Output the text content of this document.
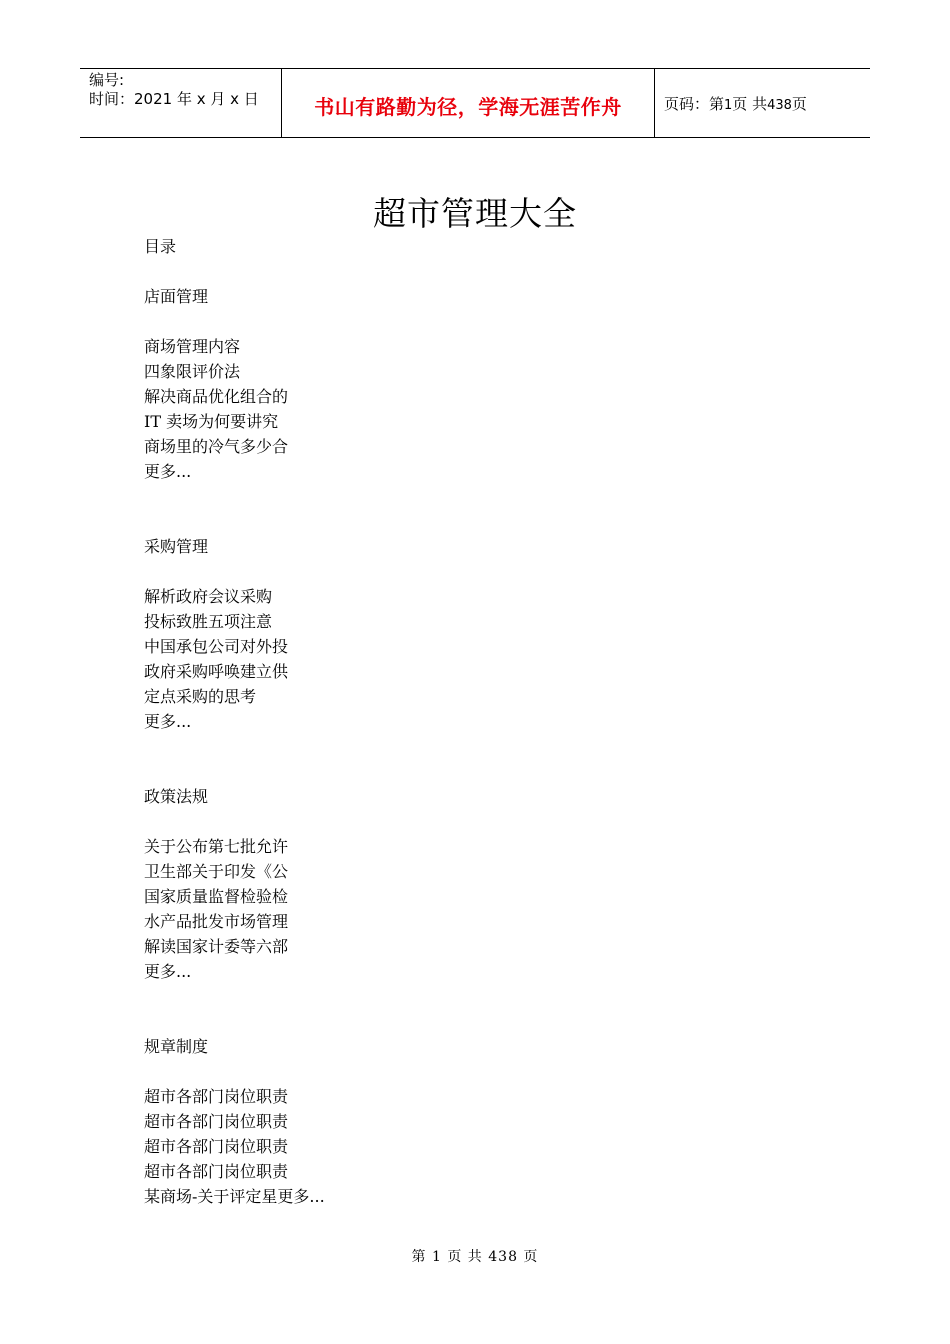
编号:
时间：2021 年 x 月 x 日	书山有路勤为径，学海无涯苦作舟	页码：第1页 共438页
超市管理大全
目录
店面管理
商场管理内容
四象限评价法
解决商品优化组合的
IT 卖场为何要讲究
商场里的冷气多少合
更多...
采购管理
解析政府会议采购
投标致胜五项注意
中国承包公司对外投
政府采购呼唤建立供
定点采购的思考
更多...
政策法规
关于公布第七批允许
卫生部关于印发《公
国家质量监督检验检
水产品批发市场管理
解读国家计委等六部
更多...
规章制度
超市各部门岗位职责
超市各部门岗位职责
超市各部门岗位职责
超市各部门岗位职责
某商场-关于评定星更多...
第 1 页 共 438 页
